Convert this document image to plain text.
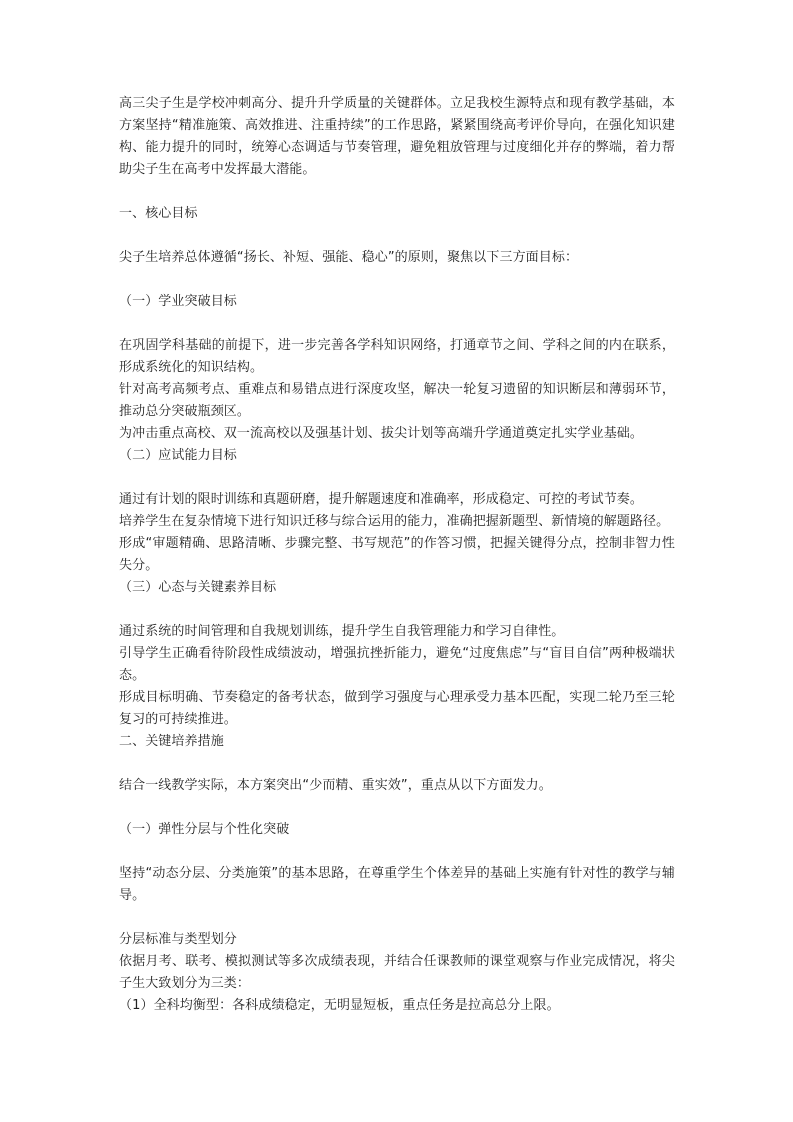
高三尖子生是学校冲刺高分、提升升学质量的关键群体。立足我校生源特点和现有教学基础，本方案坚持“精准施策、高效推进、注重持续”的工作思路，紧紧围绕高考评价导向，在强化知识建构、能力提升的同时，统筹心态调适与节奏管理，避免粗放管理与过度细化并存的弊端，着力帮助尖子生在高考中发挥最大潜能。

一、核心目标

尖子生培养总体遵循“扬长、补短、强能、稳心”的原则，聚焦以下三方面目标：

（一）学业突破目标

在巩固学科基础的前提下，进一步完善各学科知识网络，打通章节之间、学科之间的内在联系，形成系统化的知识结构。

针对高考高频考点、重难点和易错点进行深度攻坚，解决一轮复习遗留的知识断层和薄弱环节，推动总分突破瓶颈区。

为冲击重点高校、双一流高校以及强基计划、拔尖计划等高端升学通道奠定扎实学业基础。

（二）应试能力目标

通过有计划的限时训练和真题研磨，提升解题速度和准确率，形成稳定、可控的考试节奏。

培养学生在复杂情境下进行知识迁移与综合运用的能力，准确把握新题型、新情境的解题路径。

形成“审题精确、思路清晰、步骤完整、书写规范”的作答习惯，把握关键得分点，控制非智力性失分。

（三）心态与关键素养目标

通过系统的时间管理和自我规划训练，提升学生自我管理能力和学习自律性。

引导学生正确看待阶段性成绩波动，增强抗挫折能力，避免“过度焦虑”与“盲目自信”两种极端状态。

形成目标明确、节奏稳定的备考状态，做到学习强度与心理承受力基本匹配，实现二轮乃至三轮复习的可持续推进。

二、关键培养措施

结合一线教学实际，本方案突出“少而精、重实效”，重点从以下方面发力。

（一）弹性分层与个性化突破

坚持“动态分层、分类施策”的基本思路，在尊重学生个体差异的基础上实施有针对性的教学与辅导。

分层标准与类型划分

依据月考、联考、模拟测试等多次成绩表现，并结合任课教师的课堂观察与作业完成情况，将尖子生大致划分为三类：

（1）全科均衡型：各科成绩稳定，无明显短板，重点任务是拉高总分上限。
